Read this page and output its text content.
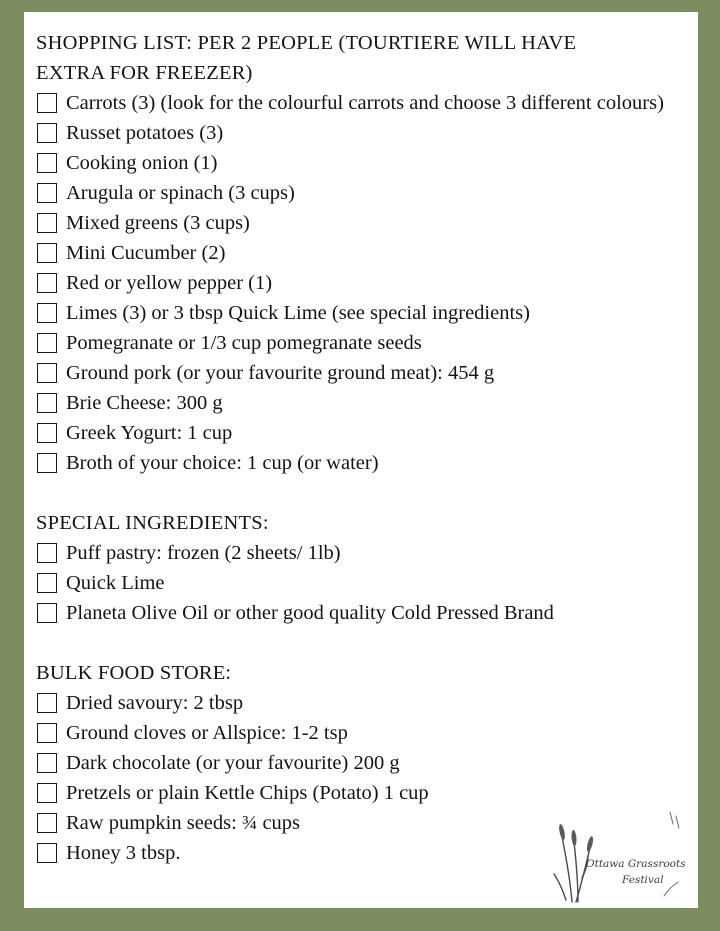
SHOPPING LIST: PER 2 PEOPLE (TOURTIERE WILL HAVE
EXTRA FOR FREEZER)
Carrots (3) (look for the colourful carrots and choose 3 different colours)
Russet potatoes (3)
Cooking onion (1)
Arugula or spinach (3 cups)
Mixed greens (3 cups)
Mini Cucumber (2)
Red or yellow pepper (1)
Limes (3) or 3 tbsp Quick Lime (see special ingredients)
Pomegranate or 1/3 cup pomegranate seeds
Ground pork (or your favourite ground meat): 454 g
Brie Cheese: 300 g
Greek Yogurt: 1 cup
Broth of your choice: 1 cup (or water)
SPECIAL INGREDIENTS:
Puff pastry: frozen (2 sheets/ 1lb)
Quick Lime
Planeta Olive Oil or other good quality Cold Pressed Brand
BULK FOOD STORE:
Dried savoury: 2 tbsp
Ground cloves or Allspice: 1-2 tsp
Dark chocolate (or your favourite) 200 g
Pretzels or plain Kettle Chips (Potato) 1 cup
Raw pumpkin seeds: ¾ cups
Honey 3 tbsp.	Ottawa Grassroots
Festival
